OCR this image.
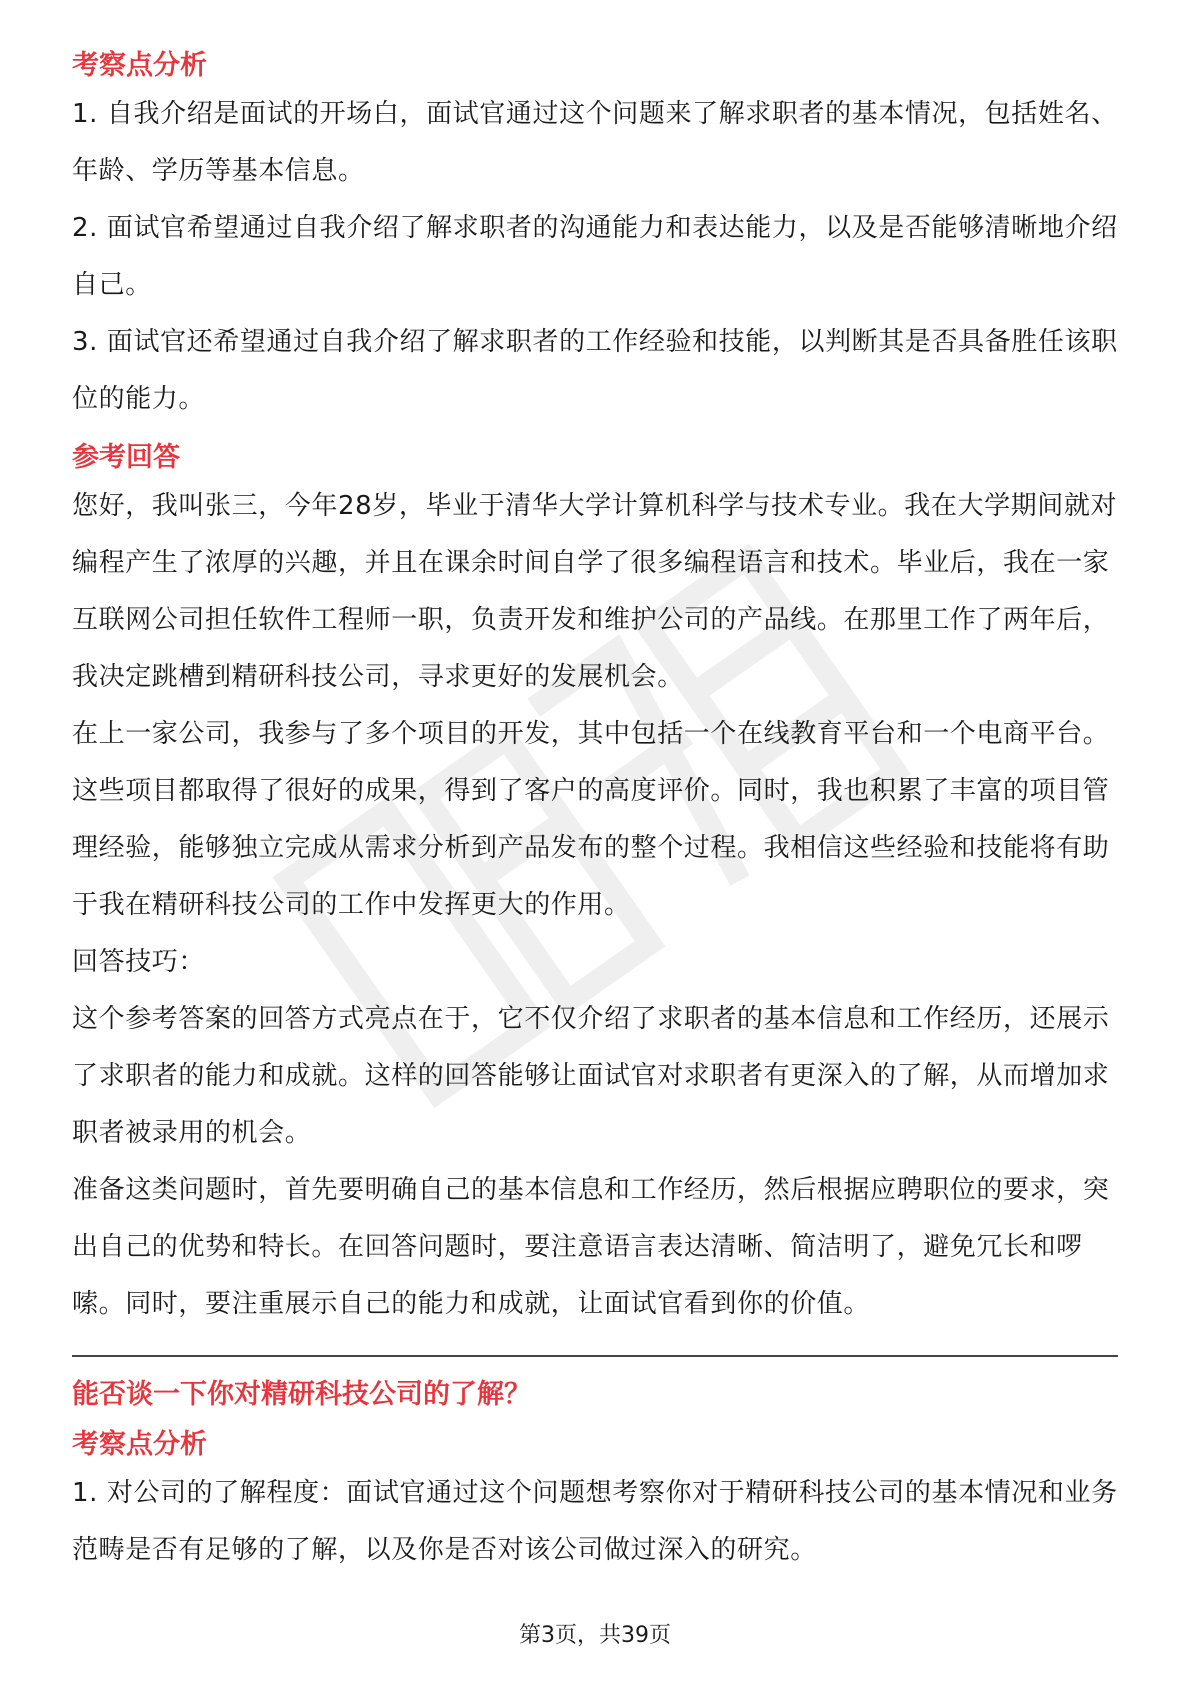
考察点分析

1. 自我介绍是面试的开场白，面试官通过这个问题来了解求职者的基本情况，包括姓名、年龄、学历等基本信息。

2. 面试官希望通过自我介绍了解求职者的沟通能力和表达能力，以及是否能够清晰地介绍自己。

3. 面试官还希望通过自我介绍了解求职者的工作经验和技能，以判断其是否具备胜任该职位的能力。

参考回答

您好，我叫张三，今年28岁，毕业于清华大学计算机科学与技术专业。我在大学期间就对编程产生了浓厚的兴趣，并且在课余时间自学了很多编程语言和技术。毕业后，我在一家互联网公司担任软件工程师一职，负责开发和维护公司的产品线。在那里工作了两年后，我决定跳槽到精研科技公司，寻求更好的发展机会。

在上一家公司，我参与了多个项目的开发，其中包括一个在线教育平台和一个电商平台。这些项目都取得了很好的成果，得到了客户的高度评价。同时，我也积累了丰富的项目管理经验，能够独立完成从需求分析到产品发布的整个过程。我相信这些经验和技能将有助于我在精研科技公司的工作中发挥更大的作用。

回答技巧：

这个参考答案的回答方式亮点在于，它不仅介绍了求职者的基本信息和工作经历，还展示了求职者的能力和成就。这样的回答能够让面试官对求职者有更深入的了解，从而增加求职者被录用的机会。

准备这类问题时，首先要明确自己的基本信息和工作经历，然后根据应聘职位的要求，突出自己的优势和特长。在回答问题时，要注意语言表达清晰、简洁明了，避免冗长和啰嗦。同时，要注重展示自己的能力和成就，让面试官看到你的价值。

能否谈一下你对精研科技公司的了解？

考察点分析

1. 对公司的了解程度：面试官通过这个问题想考察你对于精研科技公司的基本情况和业务范畴是否有足够的了解，以及你是否对该公司做过深入的研究。

第3页，共39页
